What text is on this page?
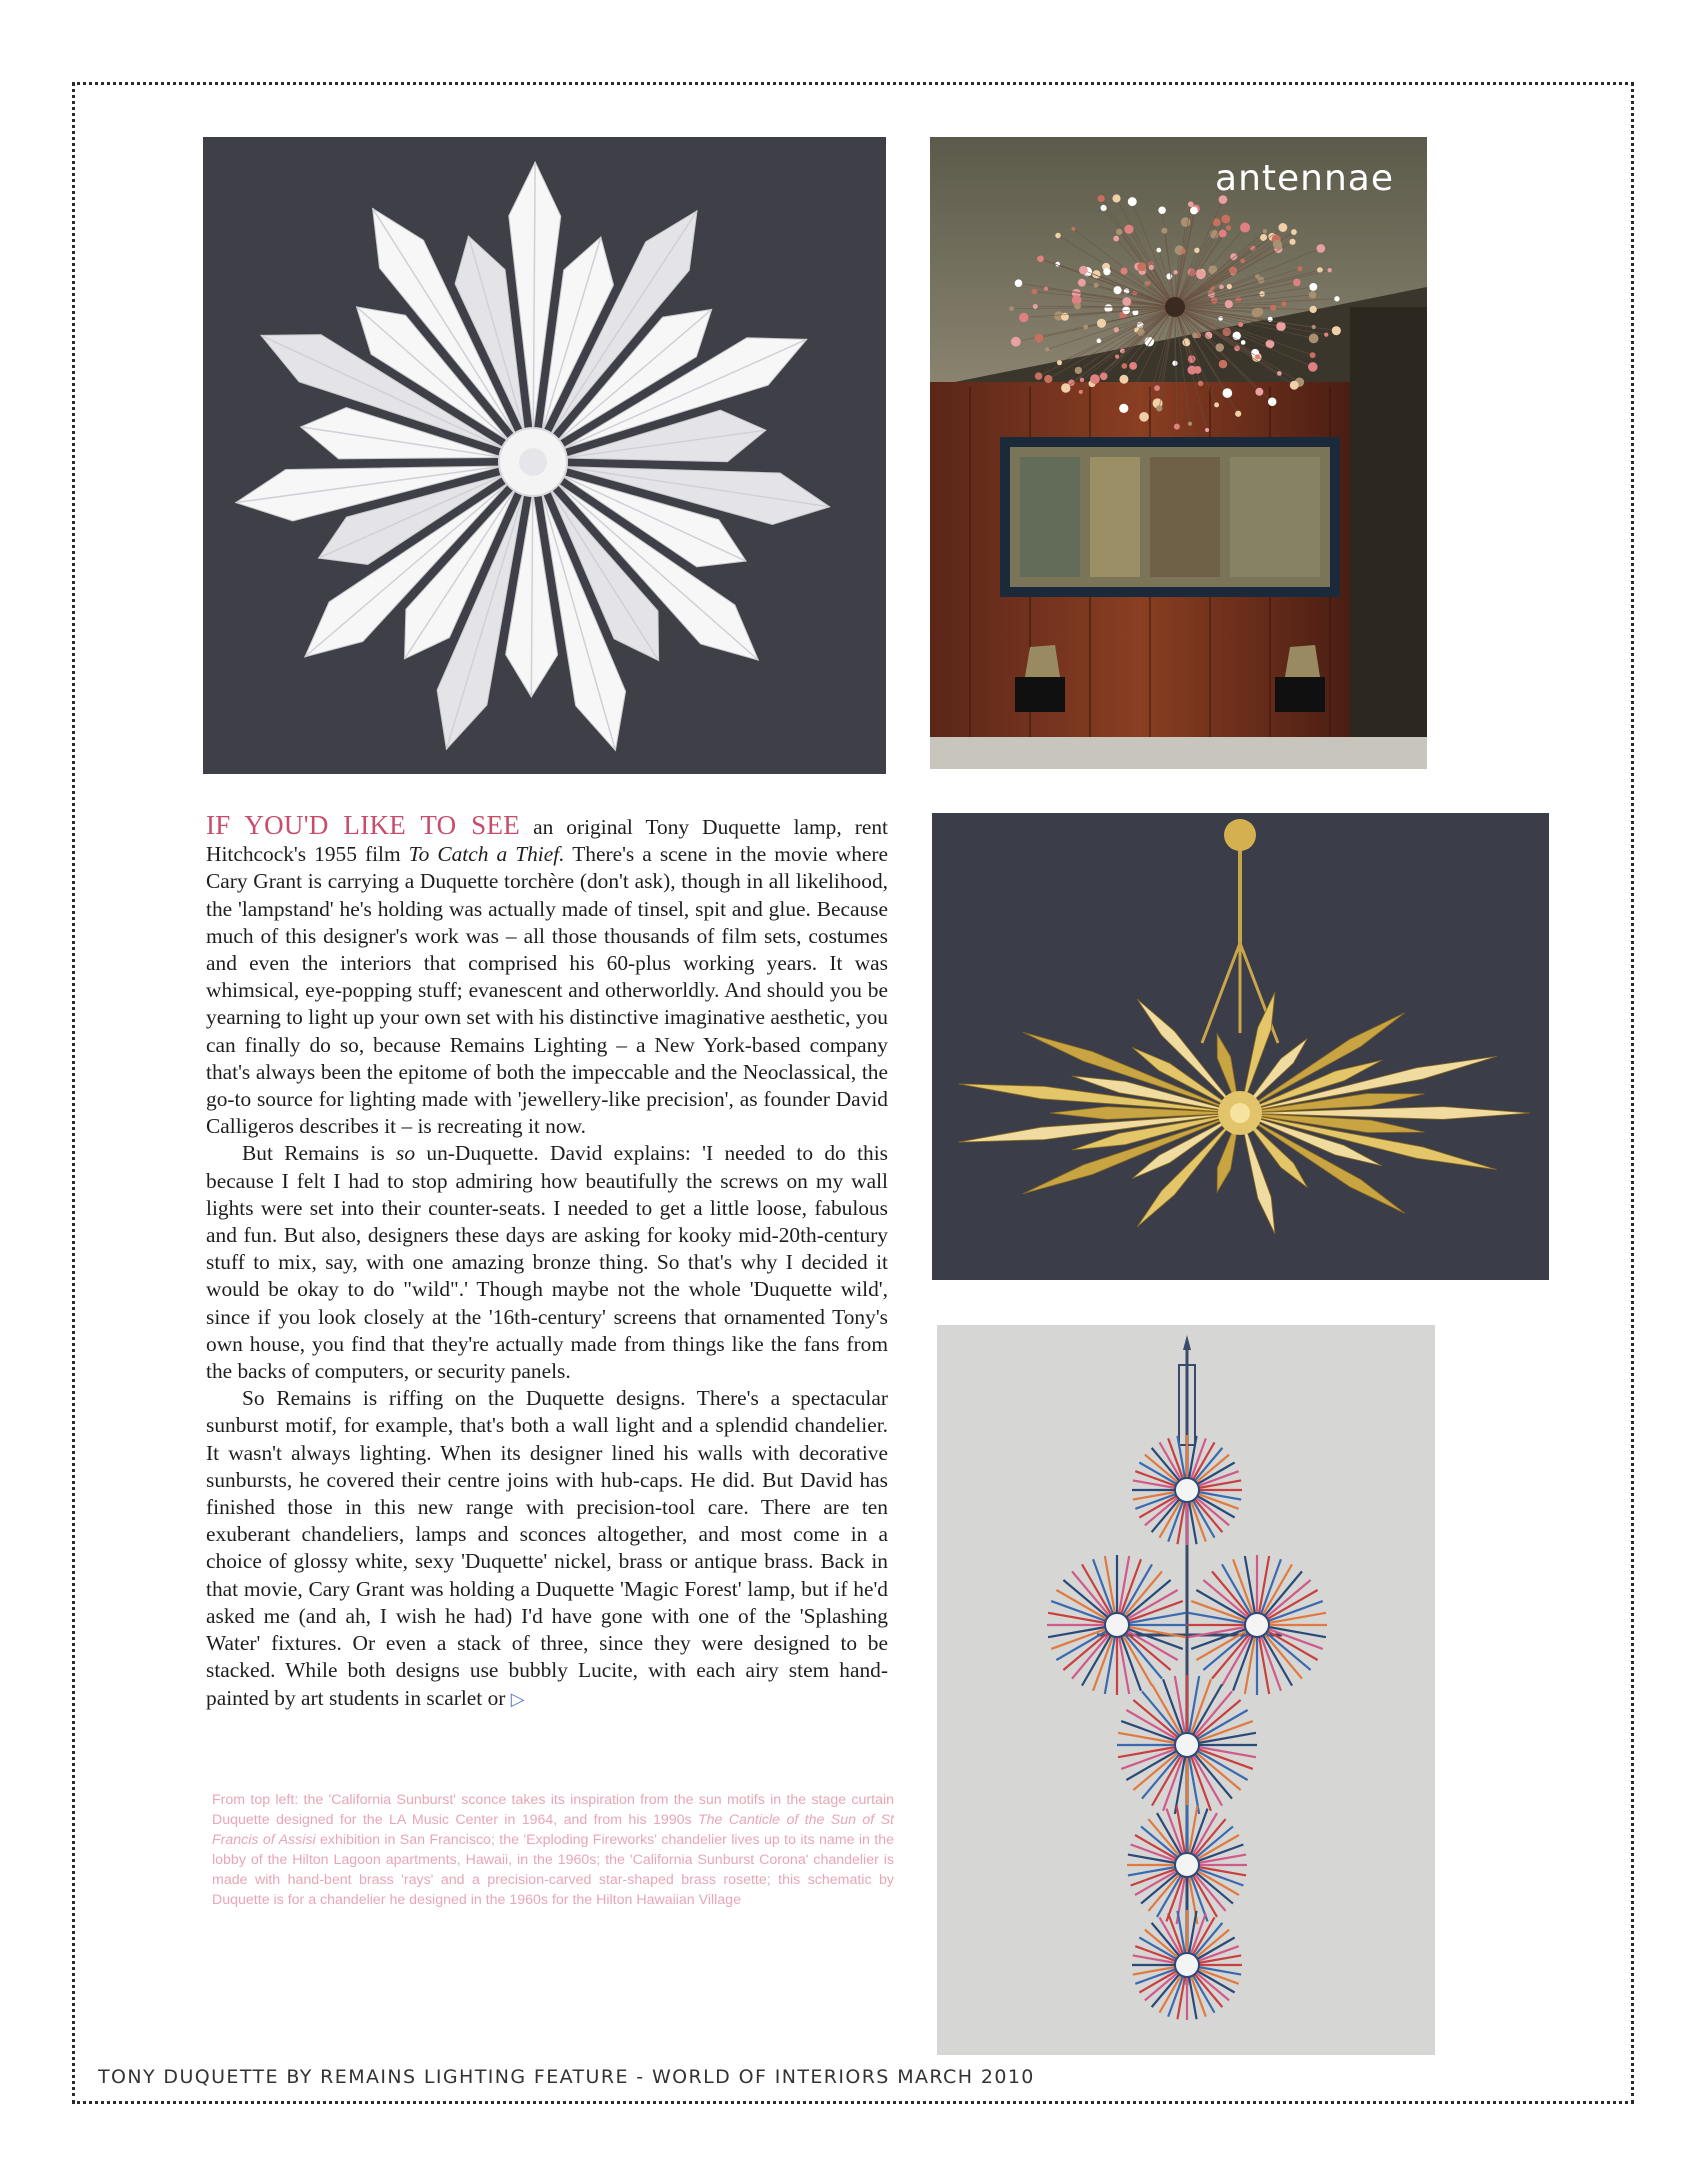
antennae

IF YOU'D LIKE TO SEE an original Tony Duquette lamp, rent Hitchcock's 1955 film To Catch a Thief. There's a scene in the movie where Cary Grant is carrying a Duquette torchère (don't ask), though in all likelihood, the 'lampstand' he's holding was actually made of tinsel, spit and glue. Because much of this designer's work was – all those thousands of film sets, costumes and even the interiors that comprised his 60-plus working years. It was whimsical, eye-popping stuff; evanescent and otherworldly. And should you be yearning to light up your own set with his distinctive imaginative aesthetic, you can finally do so, because Remains Lighting – a New York-based company that's always been the epitome of both the impeccable and the Neoclassical, the go-to source for lighting made with 'jewellery-like precision', as founder David Calligeros describes it – is recreating it now.

But Remains is so un-Duquette. David explains: 'I needed to do this because I felt I had to stop admiring how beautifully the screws on my wall lights were set into their counter-seats. I needed to get a little loose, fabulous and fun. But also, designers these days are asking for kooky mid-20th-century stuff to mix, say, with one amazing bronze thing. So that's why I decided it would be okay to do "wild".' Though maybe not the whole 'Duquette wild', since if you look closely at the '16th-century' screens that ornamented Tony's own house, you find that they're actually made from things like the fans from the backs of computers, or security panels.

So Remains is riffing on the Duquette designs. There's a spectacular sunburst motif, for example, that's both a wall light and a splendid chandelier. It wasn't always lighting. When its designer lined his walls with decorative sunbursts, he covered their centre joins with hub-caps. He did. But David has finished those in this new range with precision-tool care. There are ten exuberant chandeliers, lamps and sconces altogether, and most come in a choice of glossy white, sexy 'Duquette' nickel, brass or antique brass. Back in that movie, Cary Grant was holding a Duquette 'Magic Forest' lamp, but if he'd asked me (and ah, I wish he had) I'd have gone with one of the 'Splashing Water' fixtures. Or even a stack of three, since they were designed to be stacked. While both designs use bubbly Lucite, with each airy stem hand-painted by art students in scarlet or ▷

From top left: the 'California Sunburst' sconce takes its inspiration from the sun motifs in the stage curtain Duquette designed for the LA Music Center in 1964, and from his 1990s The Canticle of the Sun of St Francis of Assisi exhibition in San Francisco; the 'Exploding Fireworks' chandelier lives up to its name in the lobby of the Hilton Lagoon apartments, Hawaii, in the 1960s; the 'California Sunburst Corona' chandelier is made with hand-bent brass 'rays' and a precision-carved star-shaped brass rosette; this schematic by Duquette is for a chandelier he designed in the 1960s for the Hilton Hawaiian Village

TONY DUQUETTE BY REMAINS LIGHTING FEATURE - WORLD OF INTERIORS MARCH 2010
